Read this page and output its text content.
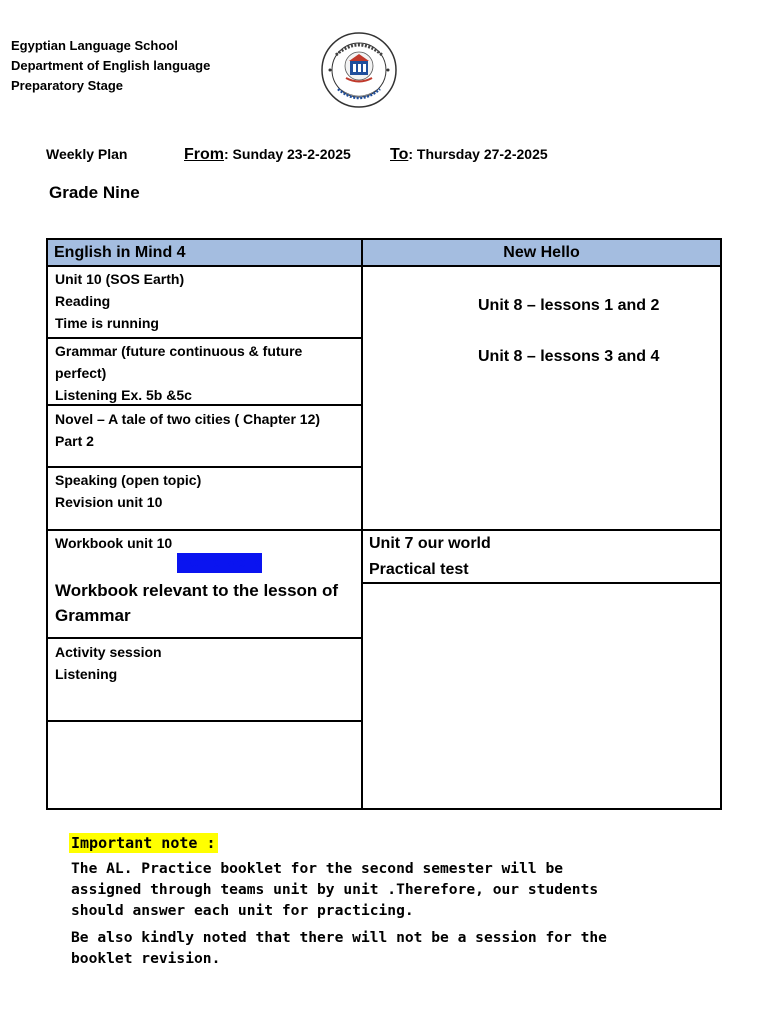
Egyptian Language School
Department of English language
Preparatory Stage
Weekly Plan	From: Sunday 23-2-2025 To: Thursday 27-2-2025
Grade Nine
English in Mind 4	New Hello
Unit 10 (SOS Earth)
Reading
Time is running
Grammar (future continuous & future perfect)
Listening Ex. 5b &5c
Novel – A tale of two cities ( Chapter 12)
Part 2
Speaking (open topic)
Revision unit 10
Workbook unit 10
Home work
Workbook relevant to the lesson of
Grammar
Activity session
Listening
Unit 8 – lessons 1 and 2
Unit 8 – lessons 3 and 4
Unit 7 our world
Practical test
Important note :
The AL. Practice booklet for the second semester will be
assigned through teams unit by unit .Therefore, our students
should answer each unit for practicing.
Be also kindly noted that there will not be a session for the
booklet revision.
